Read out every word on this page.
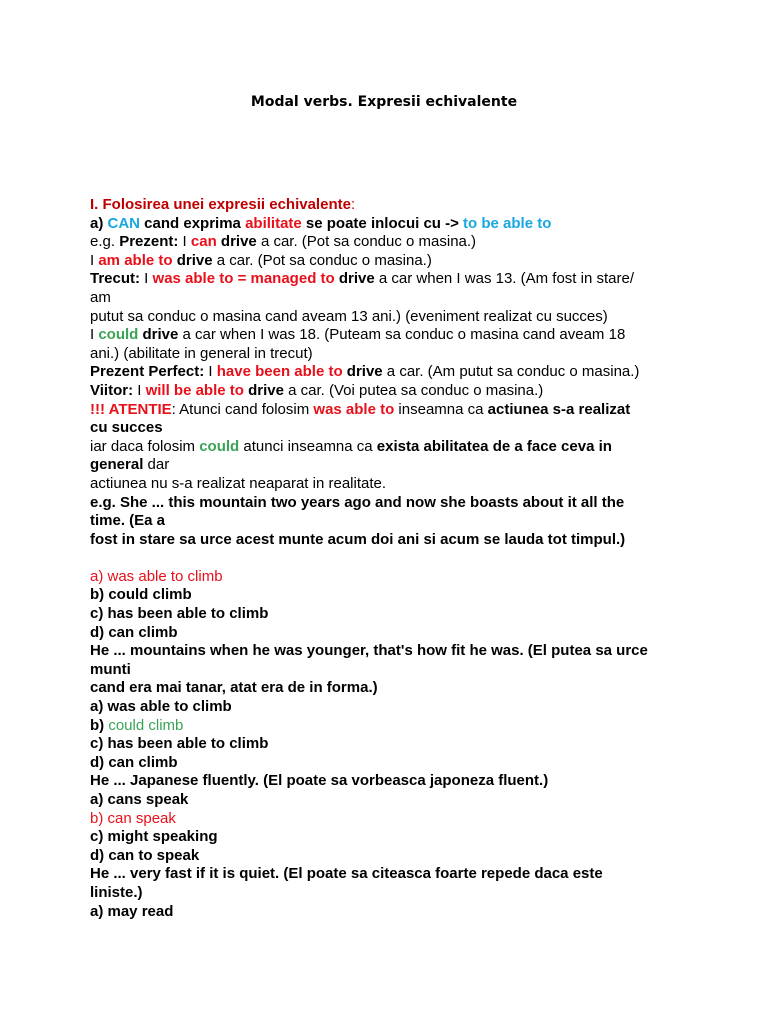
Modal verbs. Expresii echivalente
I. Folosirea unei expresii echivalente:
a) CAN cand exprima abilitate se poate inlocui cu -> to be able to
e.g. Prezent: I can drive a car. (Pot sa conduc o masina.)
I am able to drive a car. (Pot sa conduc o masina.)
Trecut: I was able to = managed to drive a car when I was 13. (Am fost in stare/
am
putut sa conduc o masina cand aveam 13 ani.) (eveniment realizat cu succes)
I could drive a car when I was 18. (Puteam sa conduc o masina cand aveam 18
ani.) (abilitate in general in trecut)
Prezent Perfect: I have been able to drive a car. (Am putut sa conduc o masina.)
Viitor: I will be able to drive a car. (Voi putea sa conduc o masina.)
!!! ATENTIE: Atunci cand folosim was able to inseamna ca actiunea s-a realizat
cu succes
iar daca folosim could atunci inseamna ca exista abilitatea de a face ceva in
general dar
actiunea nu s-a realizat neaparat in realitate.
e.g. She ... this mountain two years ago and now she boasts about it all the
time. (Ea a
fost in stare sa urce acest munte acum doi ani si acum se lauda tot timpul.)
a) was able to climb
b) could climb
c) has been able to climb
d) can climb
He ... mountains when he was younger, that's how fit he was. (El putea sa urce
munti
cand era mai tanar, atat era de in forma.)
a) was able to climb
b) could climb
c) has been able to climb
d) can climb
He ... Japanese fluently. (El poate sa vorbeasca japoneza fluent.)
a) cans speak
b) can speak
c) might speaking
d) can to speak
He ... very fast if it is quiet. (El poate sa citeasca foarte repede daca este
liniste.)
a) may read
